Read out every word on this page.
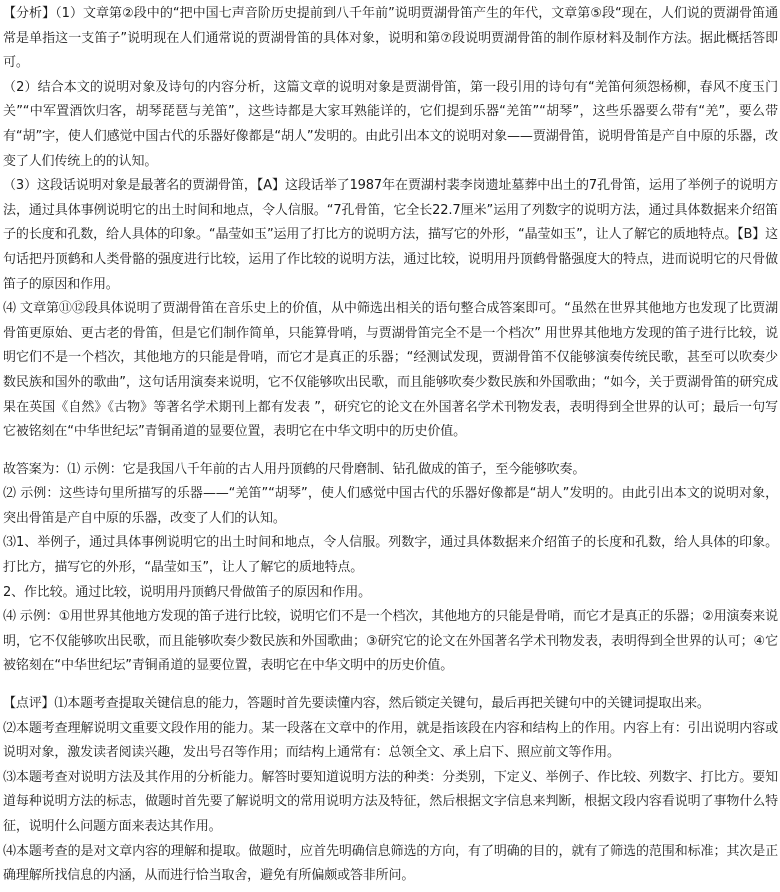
【分析】（1）文章第②段中的“把中国七声音阶历史提前到八千年前”说明贾湖骨笛产生的年代，文章第⑤段“现在，人们说的贾湖骨笛通常是单指这一支笛子”说明现在人们通常说的贾湖骨笛的具体对象，说明和第⑦段说明贾湖骨笛的制作原材料及制作方法。据此概括答即可。

（2）结合本文的说明对象及诗句的内容分析，这篇文章的说明对象是贾湖骨笛，第一段引用的诗句有“羌笛何须怨杨柳，春风不度玉门关”“中军置酒饮归客，胡琴琵琶与羌笛”，这些诗都是大家耳熟能详的，它们提到乐器“羌笛”“胡琴”，这些乐器要么带有“羌”，要么带有“胡”字，使人们感觉中国古代的乐器好像都是“胡人”发明的。由此引出本文的说明对象——贾湖骨笛，说明骨笛是产自中原的乐器，改变了人们传统上的的认知。

（3）这段话说明对象是最著名的贾湖骨笛，【A】这段话举了1987年在贾湖村裴李岗遗址墓葬中出土的7孔骨笛，运用了举例子的说明方法，通过具体事例说明它的出土时间和地点，令人信服。“7孔骨笛，它全长22.7厘米”运用了列数字的说明方法，通过具体数据来介绍笛子的长度和孔数，给人具体的印象。“晶莹如玉”运用了打比方的说明方法，描写它的外形，“晶莹如玉”，让人了解它的质地特点。【B】这句话把丹顶鹤和人类骨骼的强度进行比较，运用了作比较的说明方法，通过比较，说明用丹顶鹤骨骼强度大的特点，进而说明它的尺骨做笛子的原因和作用。

⑷ 文章第⑪⑫段具体说明了贾湖骨笛在音乐史上的价值，从中筛选出相关的语句整合成答案即可。“虽然在世界其他地方也发现了比贾湖骨笛更原始、更古老的骨笛，但是它们制作简单，只能算骨哨，与贾湖骨笛完全不是一个档次” 用世界其他地方发现的笛子进行比较，说明它们不是一个档次，其他地方的只能是骨哨，而它才是真正的乐器；“经测试发现，贾湖骨笛不仅能够演奏传统民歌，甚至可以吹奏少数民族和国外的歌曲”，这句话用演奏来说明，它不仅能够吹出民歌，而且能够吹奏少数民族和外国歌曲；“如今，关于贾湖骨笛的研究成果在英国《自然》《古物》等著名学术期刊上都有发表 ”，研究它的论文在外国著名学术刊物发表，表明得到全世界的认可；最后一句写它被铭刻在“中华世纪坛”青铜甬道的显要位置，表明它在中华文明中的历史价值。

故答案为：⑴ 示例：它是我国八千年前的古人用丹顶鹤的尺骨磨制、钻孔做成的笛子，至今能够吹奏。

⑵ 示例：这些诗句里所描写的乐器——“羌笛”“胡琴”，使人们感觉中国古代的乐器好像都是“胡人”发明的。由此引出本文的说明对象，突出骨笛是产自中原的乐器，改变了人们的认知。

⑶1、举例子，通过具体事例说明它的出土时间和地点，令人信服。列数字，通过具体数据来介绍笛子的长度和孔数，给人具体的印象。打比方，描写它的外形，“晶莹如玉”，让人了解它的质地特点。

2、作比较。通过比较，说明用丹顶鹤尺骨做笛子的原因和作用。

⑷ 示例：①用世界其他地方发现的笛子进行比较，说明它们不是一个档次，其他地方的只能是骨哨，而它才是真正的乐器；②用演奏来说明，它不仅能够吹出民歌，而且能够吹奏少数民族和外国歌曲；③研究它的论文在外国著名学术刊物发表，表明得到全世界的认可；④它被铭刻在“中华世纪坛”青铜甬道的显要位置，表明它在中华文明中的历史价值。

【点评】⑴本题考查提取关键信息的能力，答题时首先要读懂内容，然后锁定关键句，最后再把关键句中的关键词提取出来。

⑵本题考查理解说明文重要文段作用的能力。某一段落在文章中的作用，就是指该段在内容和结构上的作用。内容上有：引出说明内容或说明对象，激发读者阅读兴趣，发出号召等作用；而结构上通常有：总领全文、承上启下、照应前文等作用。

⑶本题考查对说明方法及其作用的分析能力。解答时要知道说明方法的种类：分类别，下定义、举例子、作比较、列数字、打比方。要知道每种说明方法的标志，做题时首先要了解说明文的常用说明方法及特征，然后根据文字信息来判断，根据文段内容看说明了事物什么特征，说明什么问题方面来表达其作用。

⑷本题考查的是对文章内容的理解和提取。做题时，应首先明确信息筛选的方向，有了明确的目的，就有了筛选的范围和标准；其次是正确理解所找信息的内涵，从而进行恰当取舍，避免有所偏颇或答非所问。
